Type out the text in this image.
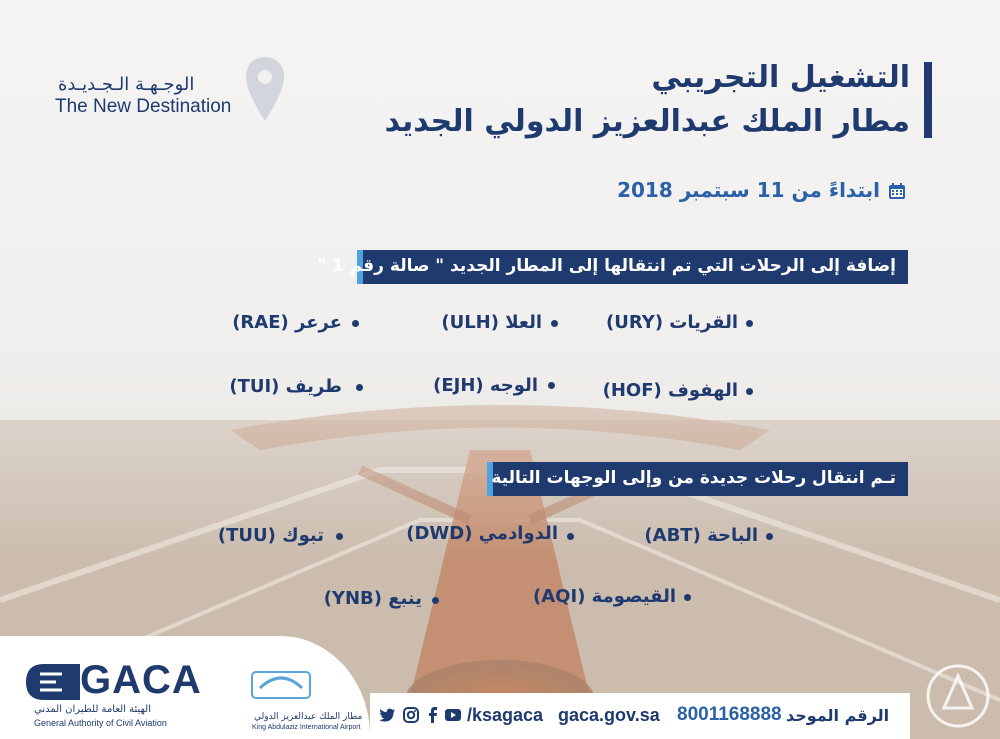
الوجـهـة الـجـديـدة
The New Destination
التشغيل التجريبي
مطار الملك عبدالعزيز الدولي الجديد
ابتداءً من 11 سبتمبر 2018
إضافة إلى الرحلات التي تم انتقالها إلى المطار الجديد " صالة رقم 1 "
القريات (URY)
العلا (ULH)
عرعر (RAE)
الهفوف (HOF)
الوجه (EJH)
طريف (TUI)
تـم انتقال رحلات جديدة من وإلى الوجهات التالية
الباحة (ABT)
الدوادمي (DWD)
تبوك (TUU)
القيصومة (AQI)
ينبع (YNB)
GACA
الهيئة العامة للطيران المدني
General Authority of Civil Aviation
مطار الملك عبدالعزيز الدولي
King Abdulaziz International Airport
الرقم الموحد
8001168888
gaca.gov.sa
/ksagaca
